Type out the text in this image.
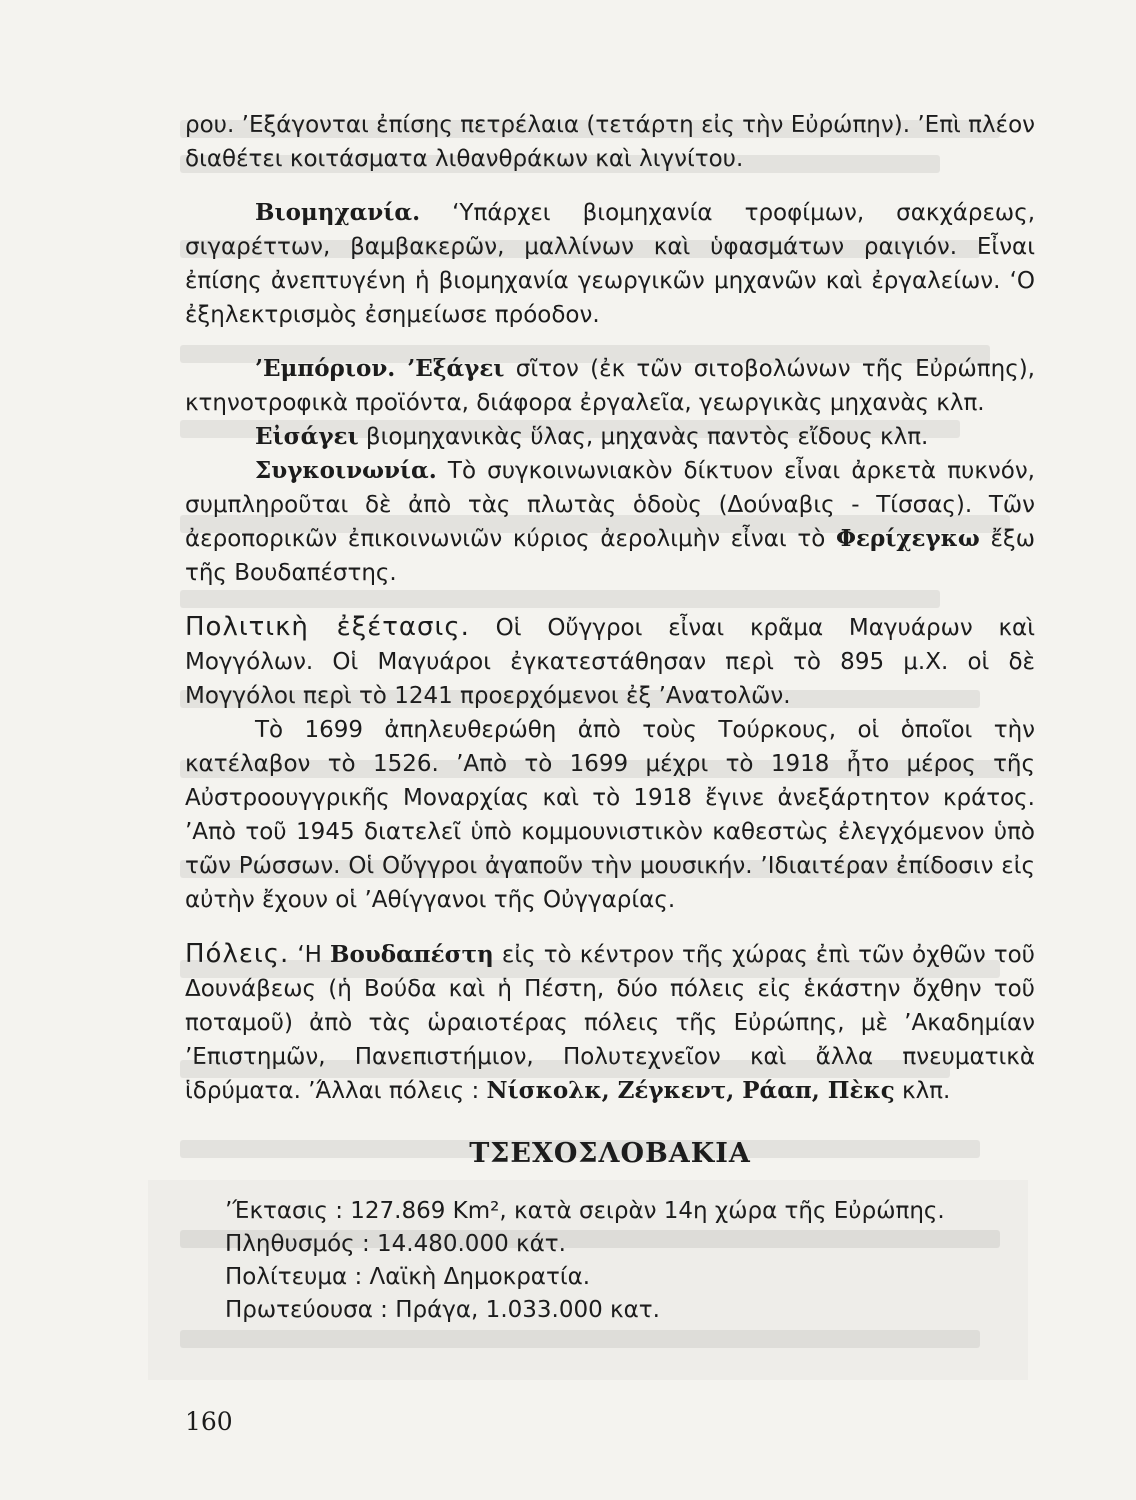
ρου. ’Εξάγονται ἐπίσης πετρέλαια (τετάρτη εἰς τὴν Εὐρώπην). ’Επὶ πλέον διαθέτει κοιτάσματα λιθανθράκων καὶ λιγνίτου.

Βιομηχανία. ‘Υπάρχει βιομηχανία τροφίμων, σακχάρεως, σιγαρέττων, βαμβακερῶν, μαλλίνων καὶ ὑφασμάτων ραιγιόν. Εἶναι ἐπίσης ἀνεπτυγένη ἡ βιομηχανία γεωργικῶν μηχανῶν καὶ ἐργαλείων. ‘Ο ἐξηλεκτρισμὸς ἐσημείωσε πρόοδον.

’Εμπόριον. ’Εξάγει σῖτον (ἐκ τῶν σιτοβολώνων τῆς Εὐρώπης), κτηνοτροφικὰ προϊόντα, διάφορα ἐργαλεῖα, γεωργικὰς μηχανὰς κλπ.

Εἰσάγει βιομηχανικὰς ὕλας, μηχανὰς παντὸς εἴδους κλπ.

Συγκοινωνία. Τὸ συγκοινωνιακὸν δίκτυον εἶναι ἀρκετὰ πυκνόν, συμπληροῦται δὲ ἀπὸ τὰς πλωτὰς ὁδοὺς (Δούναβις - Τίσσας). Τῶν ἀεροπορικῶν ἐπικοινωνιῶν κύριος ἀερολιμὴν εἶναι τὸ Φερίχεγκω ἔξω τῆς Βουδαπέστης.

Πολιτικὴ ἐξέτασις. Οἱ Οὔγγροι εἶναι κρᾶμα Μαγυάρων καὶ Μογγόλων. Οἱ Μαγυάροι ἐγκατεστάθησαν περὶ τὸ 895 μ.Χ. οἱ δὲ Μογγόλοι περὶ τὸ 1241 προερχόμενοι ἐξ ’Ανατολῶν.

Τὸ 1699 ἀπηλευθερώθη ἀπὸ τοὺς Τούρκους, οἱ ὁποῖοι τὴν κατέλαβον τὸ 1526. ’Απὸ τὸ 1699 μέχρι τὸ 1918 ἦτο μέρος τῆς Αὐστροουγγρικῆς Μοναρχίας καὶ τὸ 1918 ἔγινε ἀνεξάρτητον κράτος. ’Απὸ τοῦ 1945 διατελεῖ ὑπὸ κομμουνιστικὸν καθεστὼς ἐλεγχόμενον ὑπὸ τῶν Ρώσσων. Οἱ Οὔγγροι ἀγαποῦν τὴν μουσικήν. ’Ιδιαιτέραν ἐπίδοσιν εἰς αὐτὴν ἔχουν οἱ ’Αθίγγανοι τῆς Οὐγγαρίας.

Πόλεις. ‘Η Βουδαπέστη εἰς τὸ κέντρον τῆς χώρας ἐπὶ τῶν ὀχθῶν τοῦ Δουνάβεως (ἡ Βούδα καὶ ἡ Πέστη, δύο πόλεις εἰς ἑκάστην ὄχθην τοῦ ποταμοῦ) ἀπὸ τὰς ὡραιοτέρας πόλεις τῆς Εὐρώπης, μὲ ’Ακαδημίαν ’Επιστημῶν, Πανεπιστήμιον, Πολυτεχνεῖον καὶ ἄλλα πνευματικὰ ἱδρύματα. ’Άλλαι πόλεις : Νίσκολκ, Ζέγκεντ, Ράαπ, Πὲκς κλπ.

ΤΣΕΧΟΣΛΟΒΑΚΙΑ

’Έκτασις : 127.869 Km², κατὰ σειρὰν 14η χώρα τῆς Εὐρώπης.

Πληθυσμός : 14.480.000 κάτ.

Πολίτευμα : Λαϊκὴ Δημοκρατία.

Πρωτεύουσα : Πράγα, 1.033.000 κατ.

160
